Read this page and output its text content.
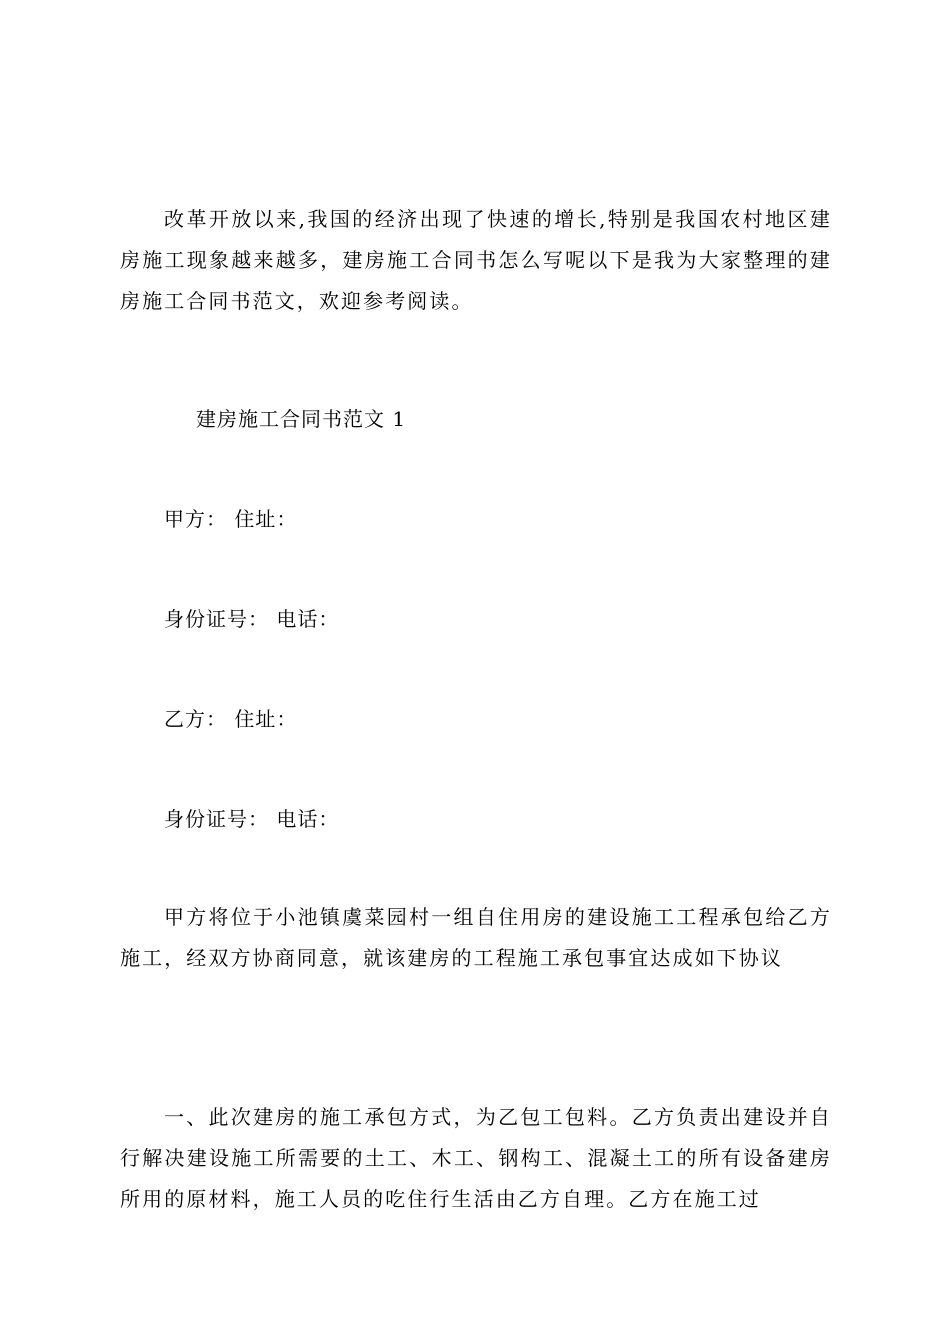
改革开放以来,我国的经济出现了快速的增长,特别是我国农村地区建房施工现象越来越多，建房施工合同书怎么写呢以下是我为大家整理的建房施工合同书范文，欢迎参考阅读。

建房施工合同书范文 1

甲方： 住址：

身份证号： 电话：

乙方： 住址：

身份证号： 电话：

甲方将位于小池镇虞菜园村一组自住用房的建设施工工程承包给乙方施工，经双方协商同意，就该建房的工程施工承包事宜达成如下协议

一、此次建房的施工承包方式，为乙包工包料。乙方负责出建设并自行解决建设施工所需要的土工、木工、钢构工、混凝土工的所有设备建房所用的原材料，施工人员的吃住行生活由乙方自理。乙方在施工过
